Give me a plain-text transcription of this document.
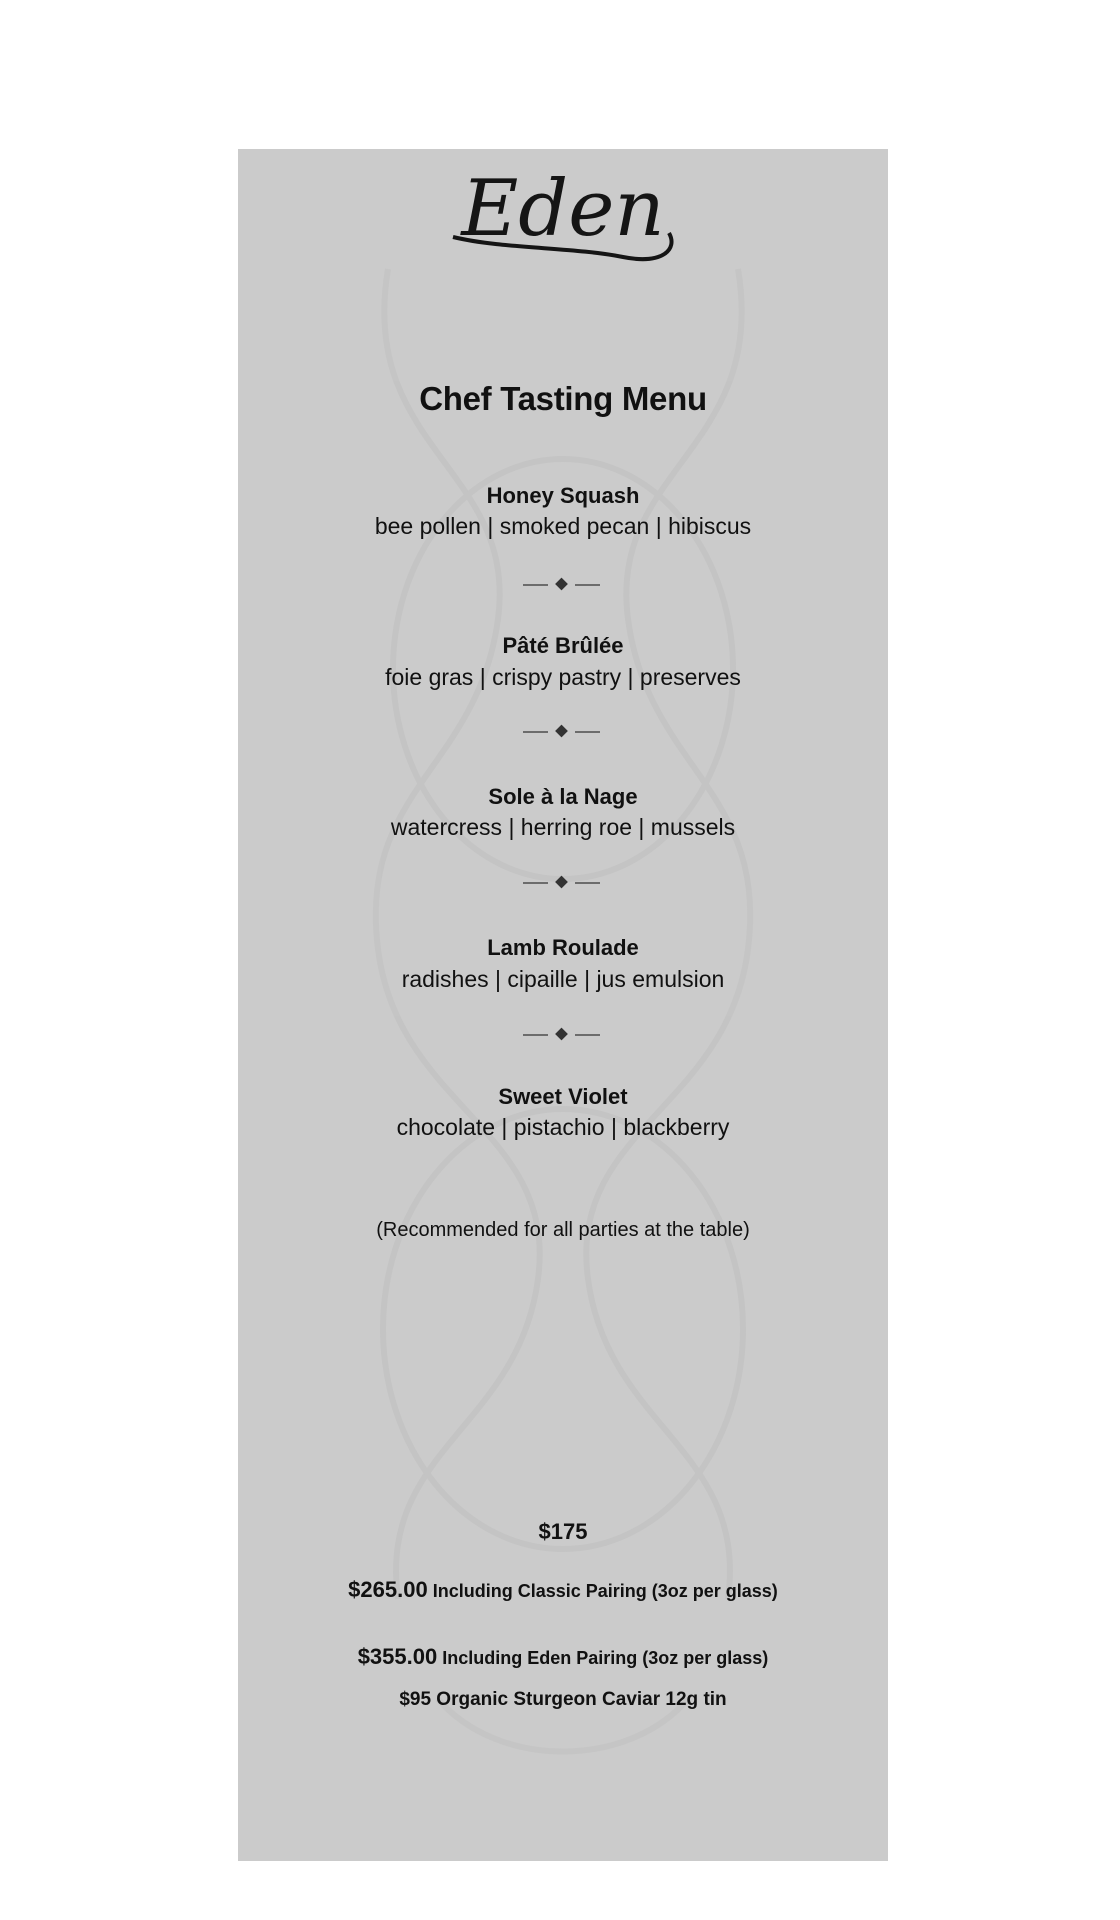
Eden
Chef Tasting Menu
Honey Squash
bee pollen | smoked pecan | hibiscus
Pâté Brûlée
foie gras | crispy pastry | preserves
Sole à la Nage
watercress | herring roe | mussels
Lamb Roulade
radishes | cipaille | jus emulsion
Sweet Violet
chocolate | pistachio | blackberry
(Recommended for all parties at the table)
$175
$265.00 Including Classic Pairing (3oz per glass)
$355.00 Including Eden Pairing (3oz per glass)
$95 Organic Sturgeon Caviar 12g tin
